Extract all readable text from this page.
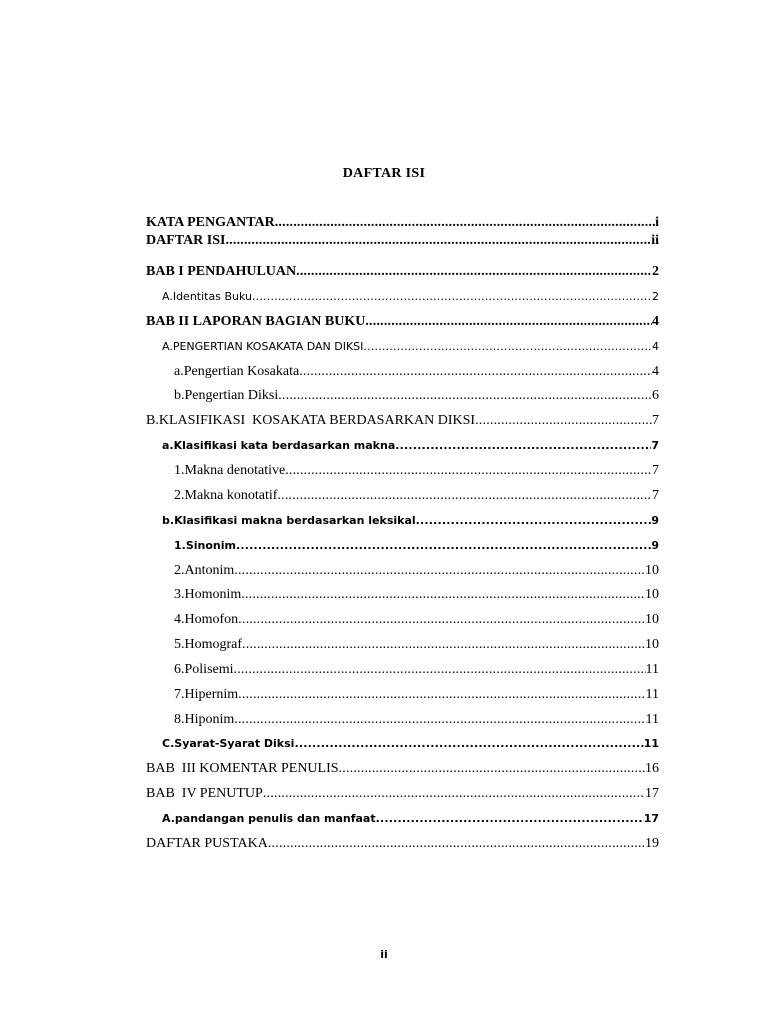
DAFTAR ISI
KATA PENGANTAR .....	i
DAFTAR ISI .....	ii
BAB I PENDAHULUAN .....	2
A. Identitas Buku .....	2
BAB II LAPORAN BAGIAN BUKU .....	4
A. PENGERTIAN KOSAKATA DAN DIKSI .....	4
a. Pengertian Kosakata .....	4
b. Pengertian Diksi .....	6
B. KLASIFIKASI  KOSAKATA BERDASARKAN DIKSI .....	7
a. Klasifikasi kata berdasarkan makna .....	7
1. Makna denotative .....	7
2. Makna konotatif .....	7
b. Klasifikasi makna berdasarkan leksikal .....	9
1. Sinonim .....	9
2. Antonim .....	10
3. Homonim .....	10
4. Homofon .....	10
5. Homograf .....	10
6. Polisemi .....	11
7. Hipernim .....	11
8. Hiponim .....	11
C. Syarat-Syarat Diksi .....	11
BAB  III KOMENTAR PENULIS .....	16
BAB  IV PENUTUP .....	17
A. pandangan penulis dan manfaat .....	17
DAFTAR PUSTAKA .....	19
ii
